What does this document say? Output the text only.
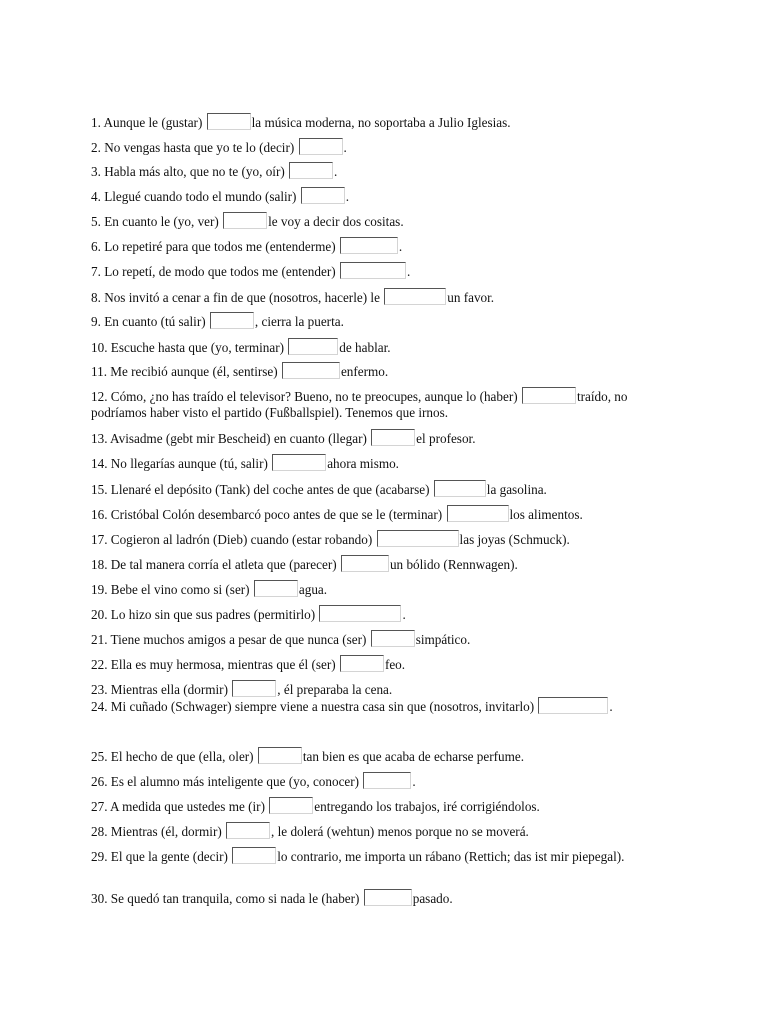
1. Aunque le (gustar)	la música moderna, no soportaba a Julio Iglesias.
2. No vengas hasta que yo te lo (decir)	.
3. Habla más alto, que no te (yo, oír)	.
4. Llegué cuando todo el mundo (salir)	.
5. En cuanto le (yo, ver)	le voy a decir dos cositas.
6. Lo repetiré para que todos me (entenderme)	.
7. Lo repetí, de modo que todos me (entender)	.
8. Nos invitó a cenar a fin de que (nosotros, hacerle) le	un favor.
9. En cuanto (tú salir)	, cierra la puerta.
10. Escuche hasta que (yo, terminar)	de hablar.
11. Me recibió aunque (él, sentirse)	enfermo.
12. Cómo, ¿no has traído el televisor? Bueno, no te preocupes, aunque lo (haber)	traído, no podríamos haber visto el partido (Fußballspiel). Tenemos que irnos.
13. Avisadme (gebt mir Bescheid) en cuanto (llegar)	el profesor.
14. No llegarías aunque (tú, salir)	ahora mismo.
15. Llenaré el depósito (Tank) del coche antes de que (acabarse)	la gasolina.
16. Cristóbal Colón desembarcó poco antes de que se le (terminar)	los alimentos.
17. Cogieron al ladrón (Dieb) cuando (estar robando)	las joyas (Schmuck).
18. De tal manera corría el atleta que (parecer)	un bólido (Rennwagen).
19. Bebe el vino como si (ser)	agua.
20. Lo hizo sin que sus padres (permitirlo)	.
21. Tiene muchos amigos a pesar de que nunca (ser)	simpático.
22. Ella es muy hermosa, mientras que él (ser)	feo.
23. Mientras ella (dormir)	, él preparaba la cena.
24. Mi cuñado (Schwager) siempre viene a nuestra casa sin que (nosotros, invitarlo)	.
25. El hecho de que (ella, oler)	tan bien es que acaba de echarse perfume.
26. Es el alumno más inteligente que (yo, conocer)	.
27. A medida que ustedes me (ir)	entregando los trabajos, iré corrigiéndolos.
28. Mientras (él, dormir)	, le dolerá (wehtun) menos porque no se moverá.
29. El que la gente (decir)	lo contrario, me importa un rábano (Rettich; das ist mir piepegal).
30. Se quedó tan tranquila, como si nada le (haber)	pasado.
